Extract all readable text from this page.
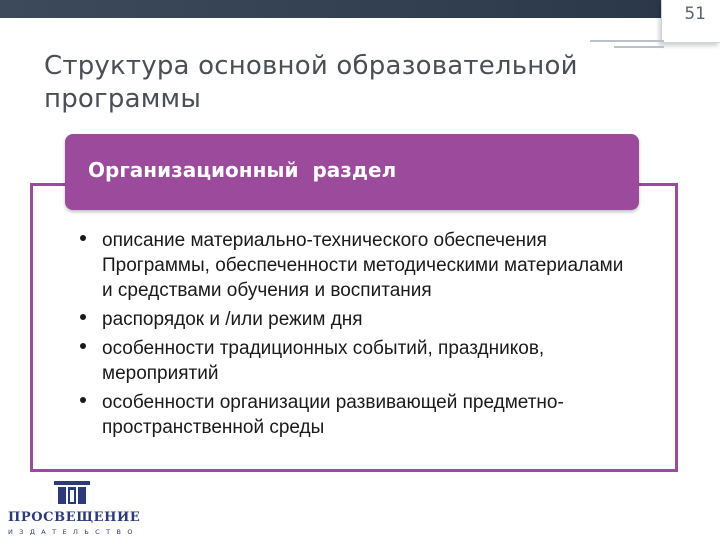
51
Структура основной образовательной программы
Организационный  раздел
описание материально-технического обеспечения Программы, обеспеченности методическими материалами и средствами обучения и воспитания
распорядок и /или режим дня
особенности традиционных событий, праздников, мероприятий
особенности организации развивающей предметно-пространственной среды
ПРОСВЕЩЕНИЕ
ИЗДАТЕЛЬСТВО
